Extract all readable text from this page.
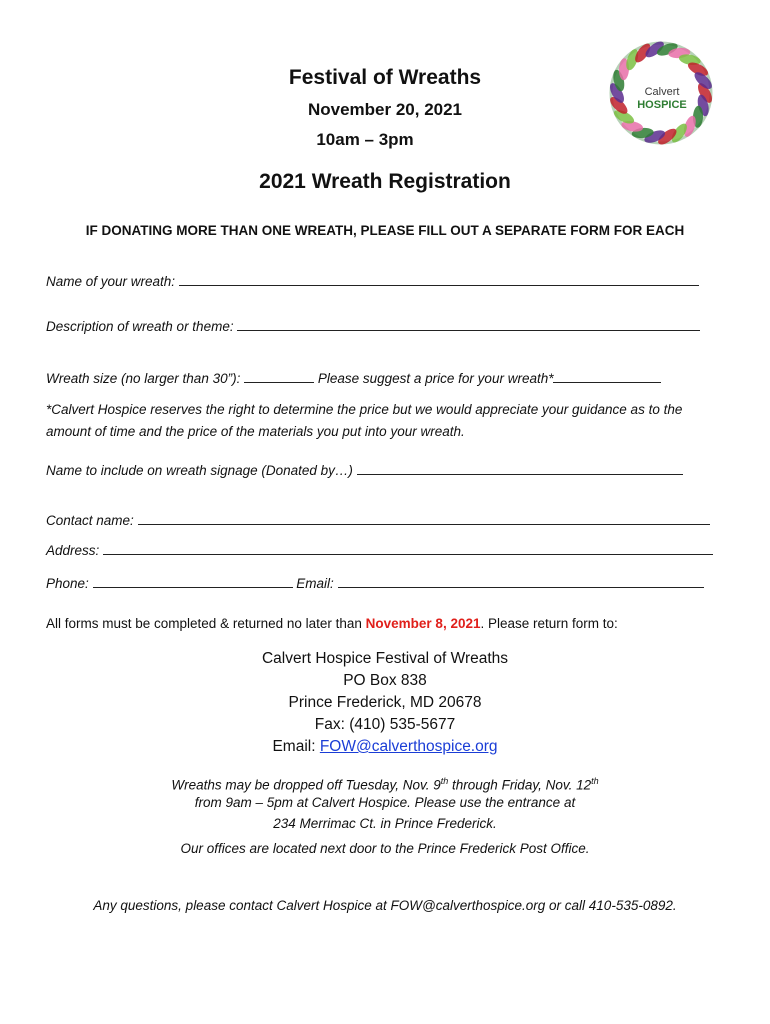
Festival of Wreaths
November 20, 2021
10am – 3pm
Calvert
HOSPICE
2021 Wreath Registration
IF DONATING MORE THAN ONE WREATH, PLEASE FILL OUT A SEPARATE FORM FOR EACH
Name of your wreath:
Description of wreath or theme:
Wreath size (no larger than 30”):	Please suggest a price for your wreath*
*Calvert Hospice reserves the right to determine the price but we would appreciate your guidance as to the amount of time and the price of the materials you put into your wreath.
Name to include on wreath signage (Donated by…)
Contact name:
Address:
Phone:	Email:
All forms must be completed & returned no later than November 8, 2021. Please return form to:
Calvert Hospice Festival of Wreaths
PO Box 838
Prince Frederick, MD 20678
Fax: (410) 535-5677
Email: FOW@calverthospice.org
Wreaths may be dropped off Tuesday, Nov. 9th through Friday, Nov. 12th
from 9am – 5pm at Calvert Hospice. Please use the entrance at
234 Merrimac Ct. in Prince Frederick.
Our offices are located next door to the Prince Frederick Post Office.
Any questions, please contact Calvert Hospice at FOW@calverthospice.org or call 410-535-0892.
